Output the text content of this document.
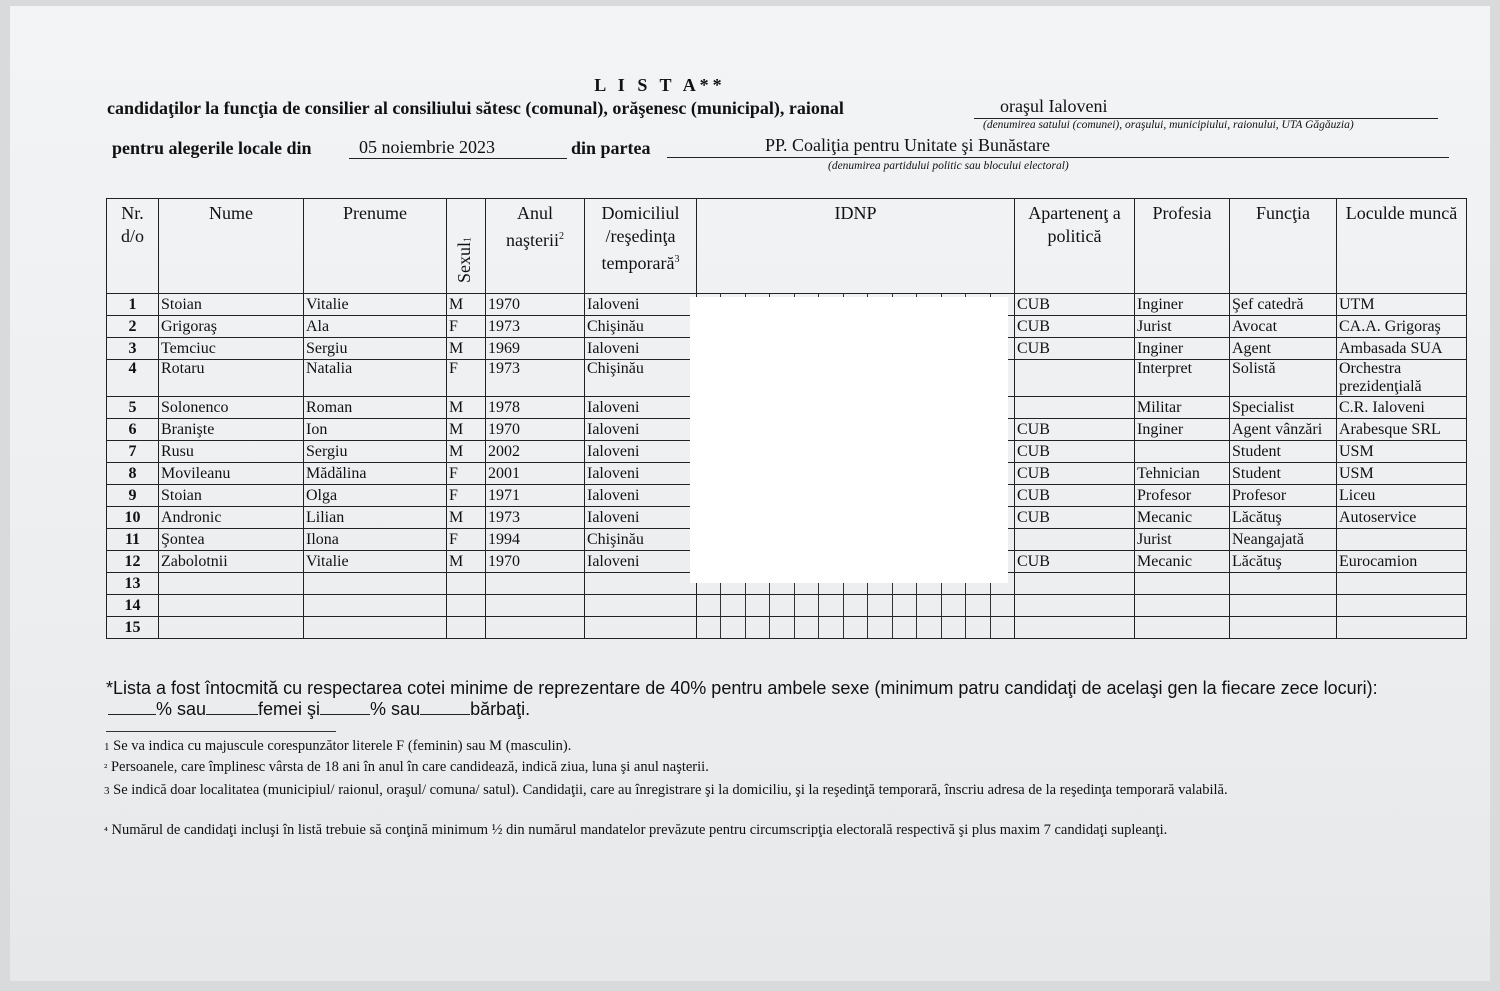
L I S T A**
candidaţilor la funcţia de consilier al consiliului sătesc (comunal), orăşenesc (municipal), raional	oraşul Ialoveni
(denumirea satului (comunei), oraşului, municipiului, raionului, UTA Găgăuzia)
pentru alegerile locale din	05 noiembrie 2023	din partea	PP. Coaliţia pentru Unitate şi Bunăstare
(denumirea partidului politic sau blocului electoral)
Nr. d/o	Nume	Prenume	Sexul$_1$	Anul naşterii$^2$	Domiciliul /reşedinţa temporară$^3$	IDNP	Apartenenţ a politică	Profesia	Funcţia	Loculde muncă
1	Stoian	Vitalie	M	1970	Ialoveni		CUB	Inginer	Şef catedră	UTM
2	Grigoraş	Ala	F	1973	Chişinău		CUB	Jurist	Avocat	CA.A. Grigoraş
3	Temciuc	Sergiu	M	1969	Ialoveni		CUB	Inginer	Agent	Ambasada SUA
4	Rotaru	Natalia	F	1973	Chişinău			Interpret	Solistă	Orchestra prezidenţială
5	Solonenco	Roman	M	1978	Ialoveni			Militar	Specialist	C.R. Ialoveni
6	Branişte	Ion	M	1970	Ialoveni		CUB	Inginer	Agent vânzări	Arabesque SRL
7	Rusu	Sergiu	M	2002	Ialoveni		CUB		Student	USM
8	Movileanu	Mădălina	F	2001	Ialoveni		CUB	Tehnician	Student	USM
9	Stoian	Olga	F	1971	Ialoveni		CUB	Profesor	Profesor	Liceu
10	Andronic	Lilian	M	1973	Ialoveni		CUB	Mecanic	Lăcătuş	Autoservice
11	Şontea	Ilona	F	1994	Chişinău			Jurist	Neangajată	
12	Zabolotnii	Vitalie	M	1970	Ialoveni		CUB	Mecanic	Lăcătuş	Eurocamion
13						

14						

15						

*Lista a fost întocmită cu respectarea cotei minime de reprezentare de 40% pentru ambele sexe (minimum patru candidaţi de acelaşi gen la fiecare zece locuri):
% sau	femei şi	% sau	bărbaţi.
1 Se va indica cu majuscule corespunzător literele F (feminin) sau M (masculin).
² Persoanele, care împlinesc vârsta de 18 ani în anul în care candidează, indică ziua, luna şi anul naşterii.
3 Se indică doar localitatea (municipiul/ raionul, oraşul/ comuna/ satul). Candidaţii, care au înregistrare şi la domiciliu, şi la reşedinţă temporară, înscriu adresa de la reşedinţa temporară valabilă.
⁴ Numărul de candidaţi incluşi în listă trebuie să conţină minimum ½ din numărul mandatelor prevăzute pentru circumscripţia electorală respectivă şi plus maxim 7 candidaţi supleanţi.
